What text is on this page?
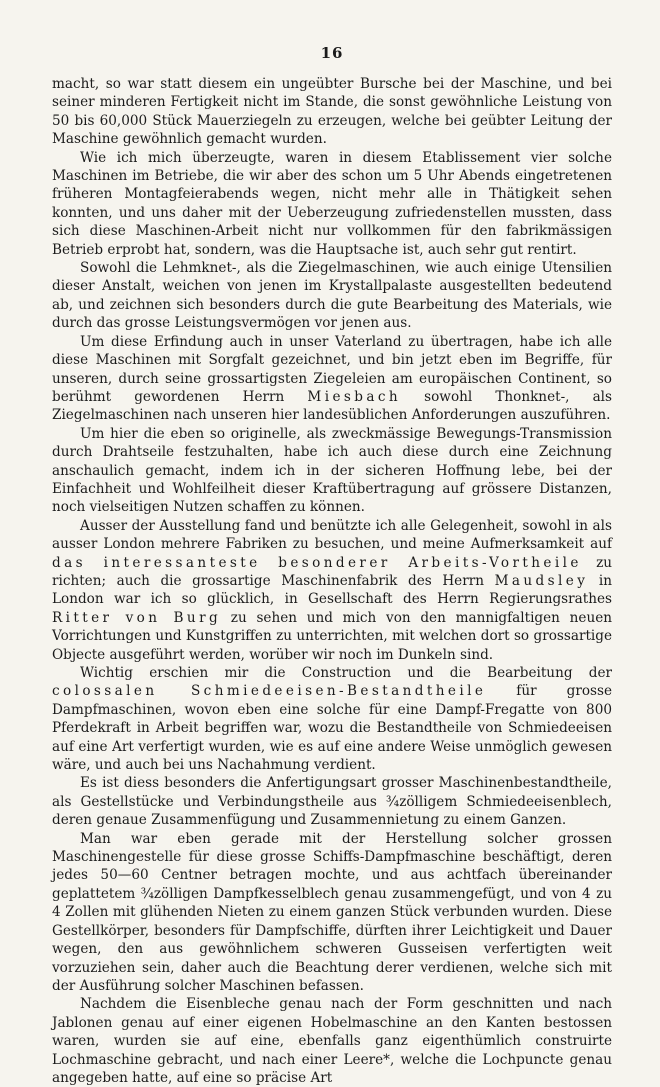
16

macht, so war statt diesem ein ungeübter Bursche bei der Maschine, und bei seiner minderen Fertigkeit nicht im Stande, die sonst gewöhnliche Leistung von 50 bis 60,000 Stück Mauerziegeln zu erzeugen, welche bei geübter Leitung der Maschine gewöhnlich gemacht wurden.

Wie ich mich überzeugte, waren in diesem Etablissement vier solche Maschinen im Betriebe, die wir aber des schon um 5 Uhr Abends eingetretenen früheren Montagfeierabends wegen, nicht mehr alle in Thätigkeit sehen konnten, und uns daher mit der Ueberzeugung zufriedenstellen mussten, dass sich diese Maschinen-Arbeit nicht nur vollkommen für den fabrikmässigen Betrieb erprobt hat, sondern, was die Hauptsache ist, auch sehr gut rentirt.

Sowohl die Lehmknet-, als die Ziegelmaschinen, wie auch einige Utensilien dieser Anstalt, weichen von jenen im Krystallpalaste ausgestellten bedeutend ab, und zeichnen sich besonders durch die gute Bearbeitung des Materials, wie durch das grosse Leistungsvermögen vor jenen aus.

Um diese Erfindung auch in unser Vaterland zu übertragen, habe ich alle diese Maschinen mit Sorgfalt gezeichnet, und bin jetzt eben im Begriffe, für unseren, durch seine grossartigsten Ziegeleien am europäischen Continent, so berühmt gewordenen Herrn Miesbach sowohl Thonknet-, als Ziegelmaschinen nach unseren hier landesüblichen Anforderungen auszuführen.

Um hier die eben so originelle, als zweckmässige Bewegungs-Transmission durch Drahtseile festzuhalten, habe ich auch diese durch eine Zeichnung anschaulich gemacht, indem ich in der sicheren Hoffnung lebe, bei der Einfachheit und Wohlfeilheit dieser Kraftübertragung auf grössere Distanzen, noch vielseitigen Nutzen schaffen zu können.

Ausser der Ausstellung fand und benützte ich alle Gelegenheit, sowohl in als ausser London mehrere Fabriken zu besuchen, und meine Aufmerksamkeit auf das interessanteste besonderer Arbeits-Vortheile zu richten; auch die grossartige Maschinenfabrik des Herrn Maudsley in London war ich so glücklich, in Gesellschaft des Herrn Regierungsrathes Ritter von Burg zu sehen und mich von den mannigfaltigen neuen Vorrichtungen und Kunstgriffen zu unterrichten, mit welchen dort so grossartige Objecte ausgeführt werden, worüber wir noch im Dunkeln sind.

Wichtig erschien mir die Construction und die Bearbeitung der colossalen Schmiedeeisen-Bestandtheile für grosse Dampfmaschinen, wovon eben eine solche für eine Dampf-Fregatte von 800 Pferdekraft in Arbeit begriffen war, wozu die Bestandtheile von Schmiedeeisen auf eine Art verfertigt wurden, wie es auf eine andere Weise unmöglich gewesen wäre, und auch bei uns Nachahmung verdient.

Es ist diess besonders die Anfertigungsart grosser Maschinenbestandtheile, als Gestellstücke und Verbindungstheile aus ¾zölligem Schmiedeeisenblech, deren genaue Zusammenfügung und Zusammennietung zu einem Ganzen.

Man war eben gerade mit der Herstellung solcher grossen Maschinengestelle für diese grosse Schiffs-Dampfmaschine beschäftigt, deren jedes 50—60 Centner betragen mochte, und aus achtfach übereinander geplattetem ¾zölligen Dampfkesselblech genau zusammengefügt, und von 4 zu 4 Zollen mit glühenden Nieten zu einem ganzen Stück verbunden wurden. Diese Gestellkörper, besonders für Dampfschiffe, dürften ihrer Leichtigkeit und Dauer wegen, den aus gewöhnlichem schweren Gusseisen verfertigten weit vorzuziehen sein, daher auch die Beachtung derer verdienen, welche sich mit der Ausführung solcher Maschinen befassen.

Nachdem die Eisenbleche genau nach der Form geschnitten und nach Jablonen genau auf einer eigenen Hobelmaschine an den Kanten bestossen waren, wurden sie auf eine, ebenfalls ganz eigenthümlich construirte Lochmaschine gebracht, und nach einer Leere*, welche die Lochpuncte genau angegeben hatte, auf eine so präcise Art
